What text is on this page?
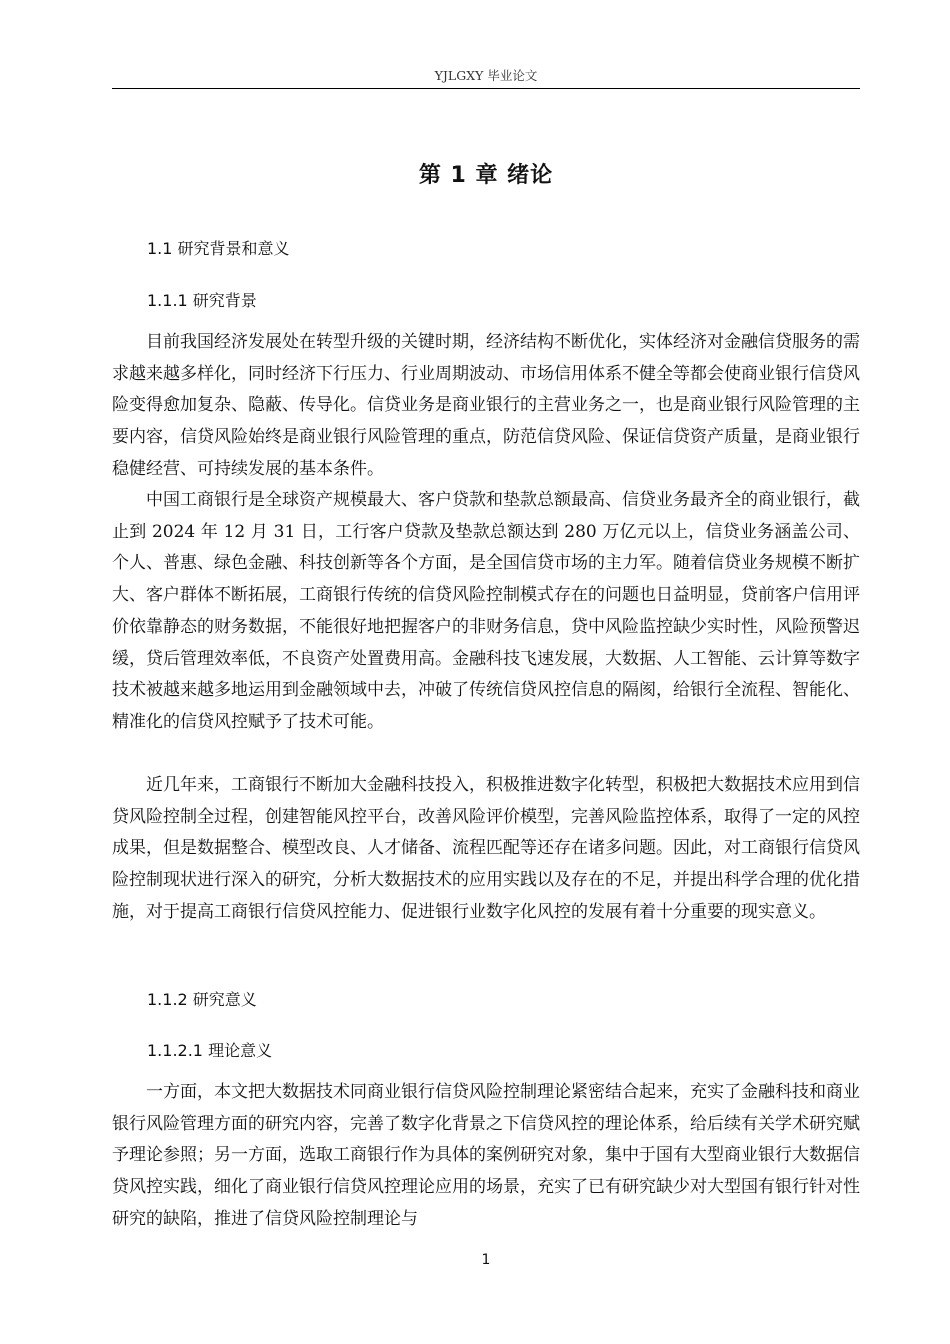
YJLGXY 毕业论文
第 1 章 绪论
1.1 研究背景和意义
1.1.1 研究背景

目前我国经济发展处在转型升级的关键时期，经济结构不断优化，实体经济对金融信贷服务的需求越来越多样化，同时经济下行压力、行业周期波动、市场信用体系不健全等都会使商业银行信贷风险变得愈加复杂、隐蔽、传导化。信贷业务是商业银行的主营业务之一，也是商业银行风险管理的主要内容，信贷风险始终是商业银行风险管理的重点，防范信贷风险、保证信贷资产质量，是商业银行稳健经营、可持续发展的基本条件。

中国工商银行是全球资产规模最大、客户贷款和垫款总额最高、信贷业务最齐全的商业银行，截止到 2024 年 12 月 31 日，工行客户贷款及垫款总额达到 280 万亿元以上，信贷业务涵盖公司、个人、普惠、绿色金融、科技创新等各个方面，是全国信贷市场的主力军。随着信贷业务规模不断扩大、客户群体不断拓展，工商银行传统的信贷风险控制模式存在的问题也日益明显，贷前客户信用评价依靠静态的财务数据，不能很好地把握客户的非财务信息，贷中风险监控缺少实时性，风险预警迟缓，贷后管理效率低，不良资产处置费用高。金融科技飞速发展，大数据、人工智能、云计算等数字技术被越来越多地运用到金融领域中去，冲破了传统信贷风控信息的隔阂，给银行全流程、智能化、精准化的信贷风控赋予了技术可能。

近几年来，工商银行不断加大金融科技投入，积极推进数字化转型，积极把大数据技术应用到信贷风险控制全过程，创建智能风控平台，改善风险评价模型，完善风险监控体系，取得了一定的风控成果，但是数据整合、模型改良、人才储备、流程匹配等还存在诸多问题。因此，对工商银行信贷风险控制现状进行深入的研究，分析大数据技术的应用实践以及存在的不足，并提出科学合理的优化措施，对于提高工商银行信贷风控能力、促进银行业数字化风控的发展有着十分重要的现实意义。

1.1.2 研究意义
1.1.2.1 理论意义

一方面，本文把大数据技术同商业银行信贷风险控制理论紧密结合起来，充实了金融科技和商业银行风险管理方面的研究内容，完善了数字化背景之下信贷风控的理论体系，给后续有关学术研究赋予理论参照；另一方面，选取工商银行作为具体的案例研究对象，集中于国有大型商业银行大数据信贷风控实践，细化了商业银行信贷风控理论应用的场景，充实了已有研究缺少对大型国有银行针对性研究的缺陷，推进了信贷风险控制理论与

1
